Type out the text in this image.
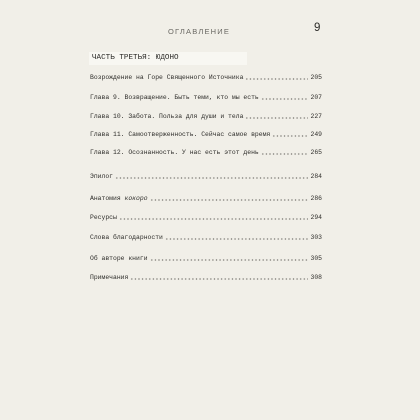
ОГЛАВЛЕНИЕ	9
ЧАСТЬ ТРЕТЬЯ: ЮДОНО
Возрождение на Горе Священного Источника	205
Глава 9. Возвращение. Быть теми, кто мы есть	207
Глава 10. Забота. Польза для души и тела	227
Глава 11. Самоотверженность. Сейчас самое время	249
Глава 12. Осознанность. У нас есть этот день	265
Эпилог	284
Анатомия кокоро	286
Ресурсы	294
Слова благодарности	303
Об авторе книги	305
Примечания	308
